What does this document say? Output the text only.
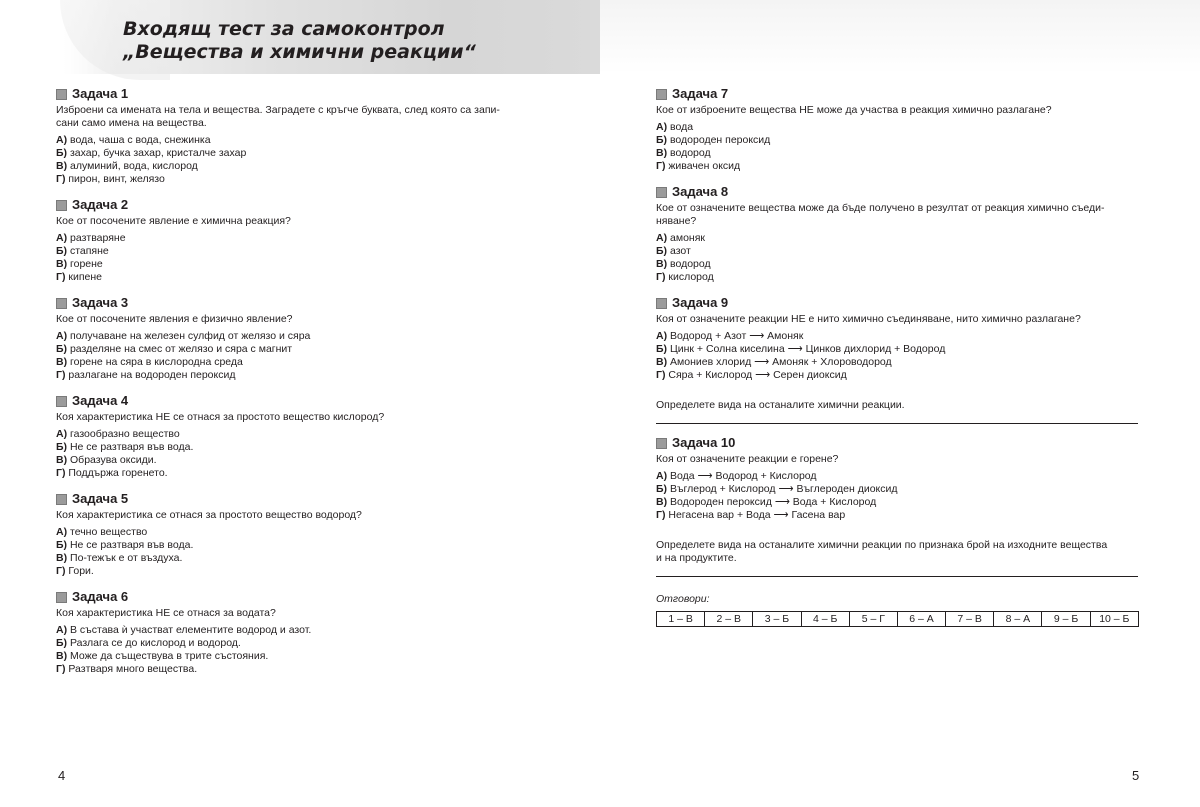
Входящ тест за самоконтрол
„Вещества и химични реакции“
Задача 1
Изброени са имената на тела и вещества. Заградете с кръгче буквата, след която са запи-
сани само имена на вещества.
А) вода, чаша с вода, снежинка
Б) захар, бучка захар, кристалче захар
В) алуминий, вода, кислород
Г) пирон, винт, желязо
Задача 2
Кое от посочените явление е химична реакция?
А) разтваряне
Б) стапяне
В) горене
Г) кипене
Задача 3
Кое от посочените явления е физично явление?
А) получаване на железен сулфид от желязо и сяра
Б) разделяне на смес от желязо и сяра с магнит
В) горене на сяра в кислородна среда
Г) разлагане на водороден пероксид
Задача 4
Коя характеристика НЕ се отнася за простото вещество кислород?
А) газообразно вещество
Б) Не се разтваря във вода.
В) Образува оксиди.
Г) Поддържа горенето.
Задача 5
Коя характеристика се отнася за простото вещество водород?
А) течно вещество
Б) Не се разтваря във вода.
В) По-тежък е от въздуха.
Г) Гори.
Задача 6
Коя характеристика НЕ се отнася за водата?
А) В състава ѝ участват елементите водород и азот.
Б) Разлага се до кислород и водород.
В) Може да съществува в трите състояния.
Г) Разтваря много вещества.
Задача 7
Кое от изброените вещества НЕ може да участва в реакция химично разлагане?
А) вода
Б) водороден пероксид
В) водород
Г) живачен оксид
Задача 8
Кое от означените вещества може да бъде получено в резултат от реакция химично съеди-
няване?
А) амоняк
Б) азот
В) водород
Г) кислород
Задача 9
Коя от означените реакции НЕ е нито химично съединяване, нито химично разлагане?
А) Водород + Азот ⟶ Амоняк
Б) Цинк + Солна киселина ⟶ Цинков дихлорид + Водород
В) Амониев хлорид ⟶ Амоняк + Хлороводород
Г) Сяра + Кислород ⟶ Серен диоксид
Определете вида на останалите химични реакции.
Задача 10
Коя от означените реакции е горене?
А) Вода ⟶ Водород + Кислород
Б) Въглерод + Кислород ⟶ Въглероден диоксид
В) Водороден пероксид ⟶ Вода + Кислород
Г) Негасена вар + Вода ⟶ Гасена вар
Определете вида на останалите химични реакции по признака брой на изходните вещества
и на продуктите.
Отговори:
1 – В	2 – В	3 – Б	4 – Б	5 – Г	6 – А	7 – В	8 – А	9 – Б	10 – Б
4	5
